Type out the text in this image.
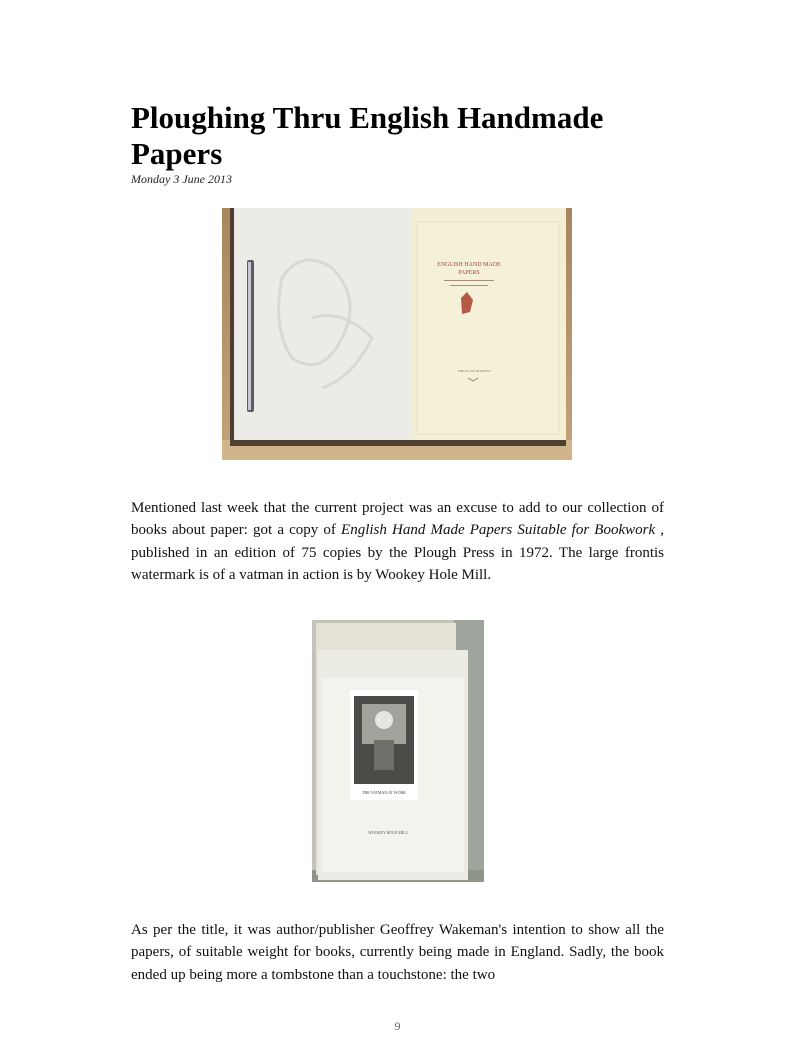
Ploughing Thru English Handmade Papers
Monday 3 June 2013
ENGLISH HAND MADE
PAPERS
THE PLOUGH PRESS

Mentioned last week that the current project was an excuse to add to our collection of books about paper: got a copy of English Hand Made Papers Suitable for Bookwork , published in an edition of 75 copies by the Plough Press in 1972. The large frontis watermark is of a vatman in action is by Wookey Hole Mill.

THE VATMAN AT WORK
WOOKEY HOLE MILL

As per the title, it was author/publisher Geoffrey Wakeman's intention to show all the papers, of suitable weight for books, currently being made in England. Sadly, the book ended up being more a tombstone than a touchstone: the two

9
